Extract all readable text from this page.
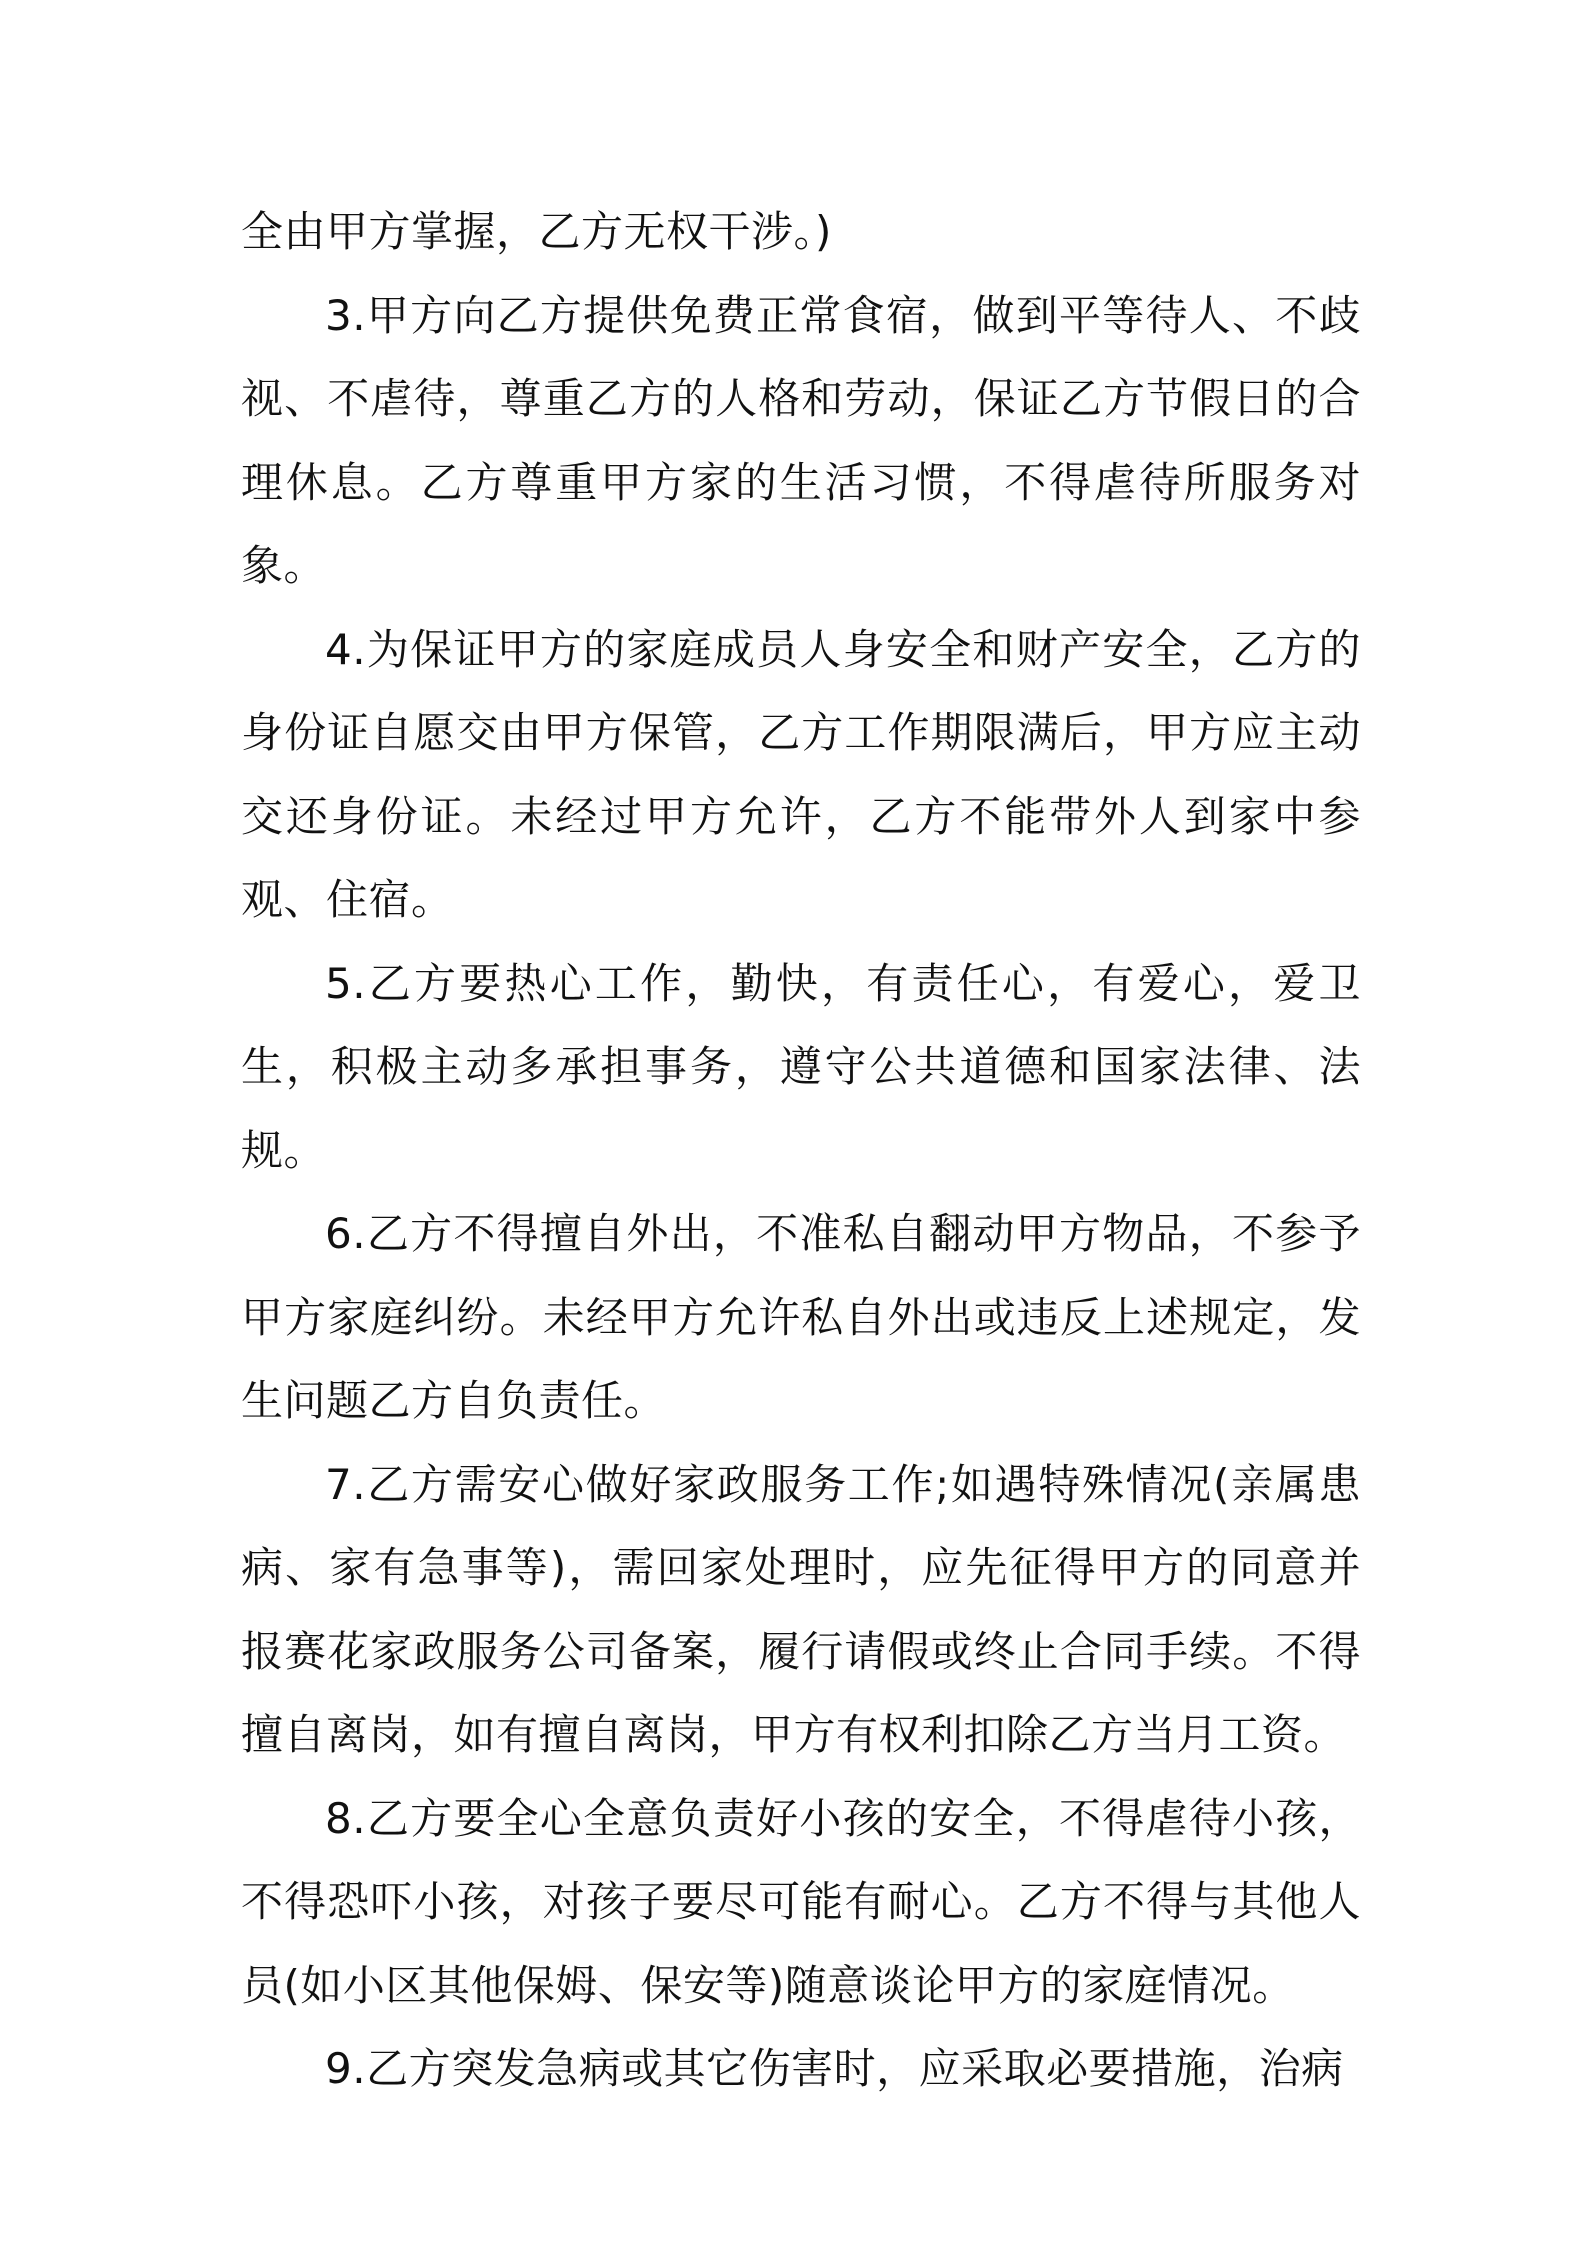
全由甲方掌握，乙方无权干涉。)

3.甲方向乙方提供免费正常食宿，做到平等待人、不歧视、不虐待，尊重乙方的人格和劳动，保证乙方节假日的合理休息。乙方尊重甲方家的生活习惯，不得虐待所服务对象。

4.为保证甲方的家庭成员人身安全和财产安全，乙方的身份证自愿交由甲方保管，乙方工作期限满后，甲方应主动交还身份证。未经过甲方允许，乙方不能带外人到家中参观、住宿。

5.乙方要热心工作，勤快，有责任心，有爱心，爱卫生，积极主动多承担事务，遵守公共道德和国家法律、法规。

6.乙方不得擅自外出，不准私自翻动甲方物品，不参予甲方家庭纠纷。未经甲方允许私自外出或违反上述规定，发生问题乙方自负责任。

7.乙方需安心做好家政服务工作;如遇特殊情况(亲属患病、家有急事等)，需回家处理时，应先征得甲方的同意并报赛花家政服务公司备案，履行请假或终止合同手续。不得擅自离岗，如有擅自离岗，甲方有权利扣除乙方当月工资。

8.乙方要全心全意负责好小孩的安全，不得虐待小孩，不得恐吓小孩，对孩子要尽可能有耐心。乙方不得与其他人员(如小区其他保姆、保安等)随意谈论甲方的家庭情况。

9.乙方突发急病或其它伤害时，应采取必要措施，治病
